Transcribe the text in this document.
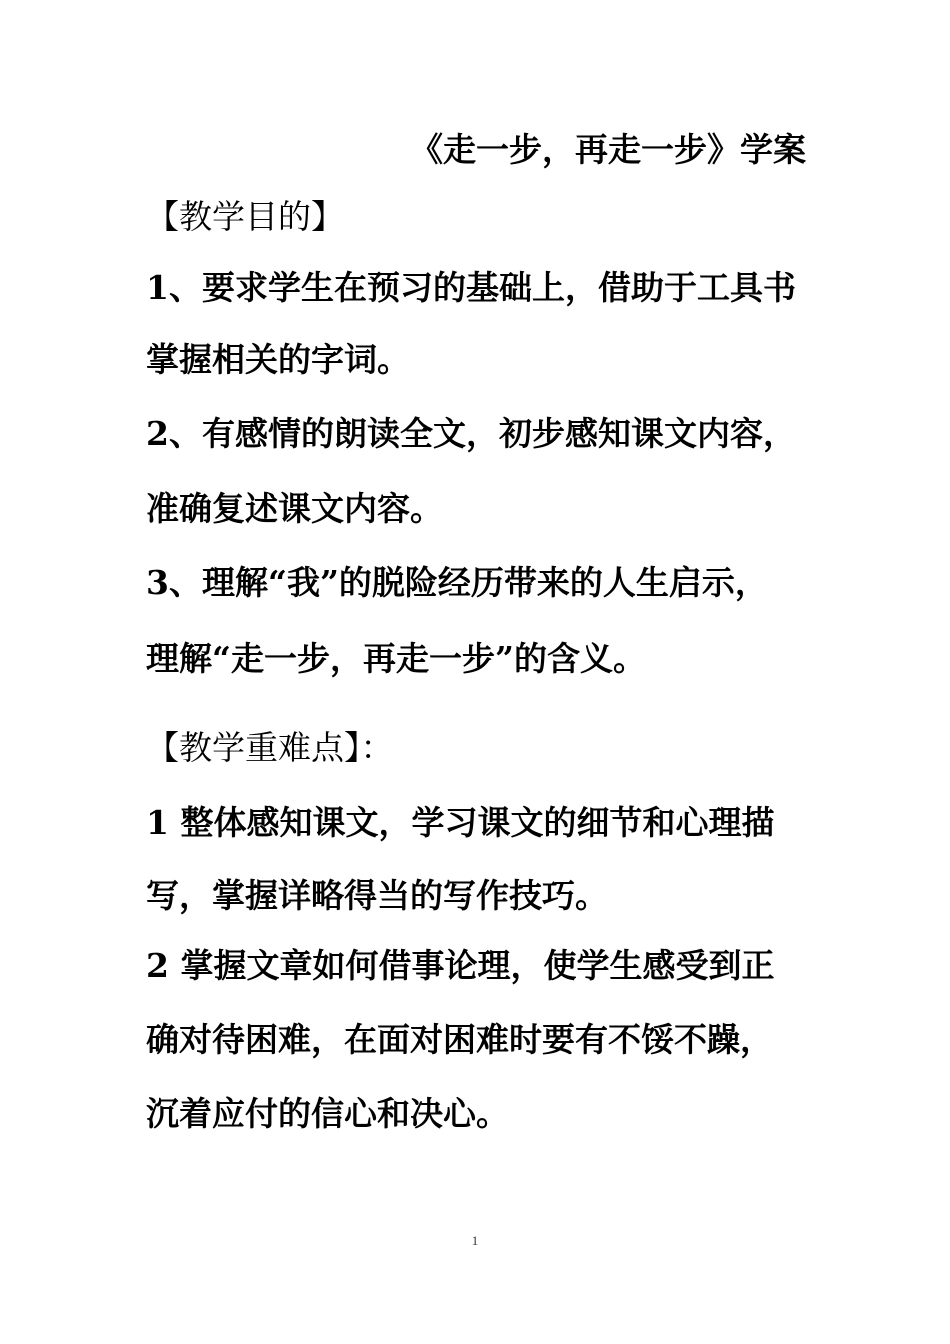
《走一步，再走一步》学案
【教学目的】
1、要求学生在预习的基础上，借助于工具书
掌握相关的字词。
2、有感情的朗读全文，初步感知课文内容，
准确复述课文内容。
3、理解“我”的脱险经历带来的人生启示，
理解“走一步，再走一步”的含义。
【教学重难点】：
1 整体感知课文，学习课文的细节和心理描
写，掌握详略得当的写作技巧。
2 掌握文章如何借事论理，使学生感受到正
确对待困难，在面对困难时要有不馁不躁，
沉着应付的信心和决心。
1
